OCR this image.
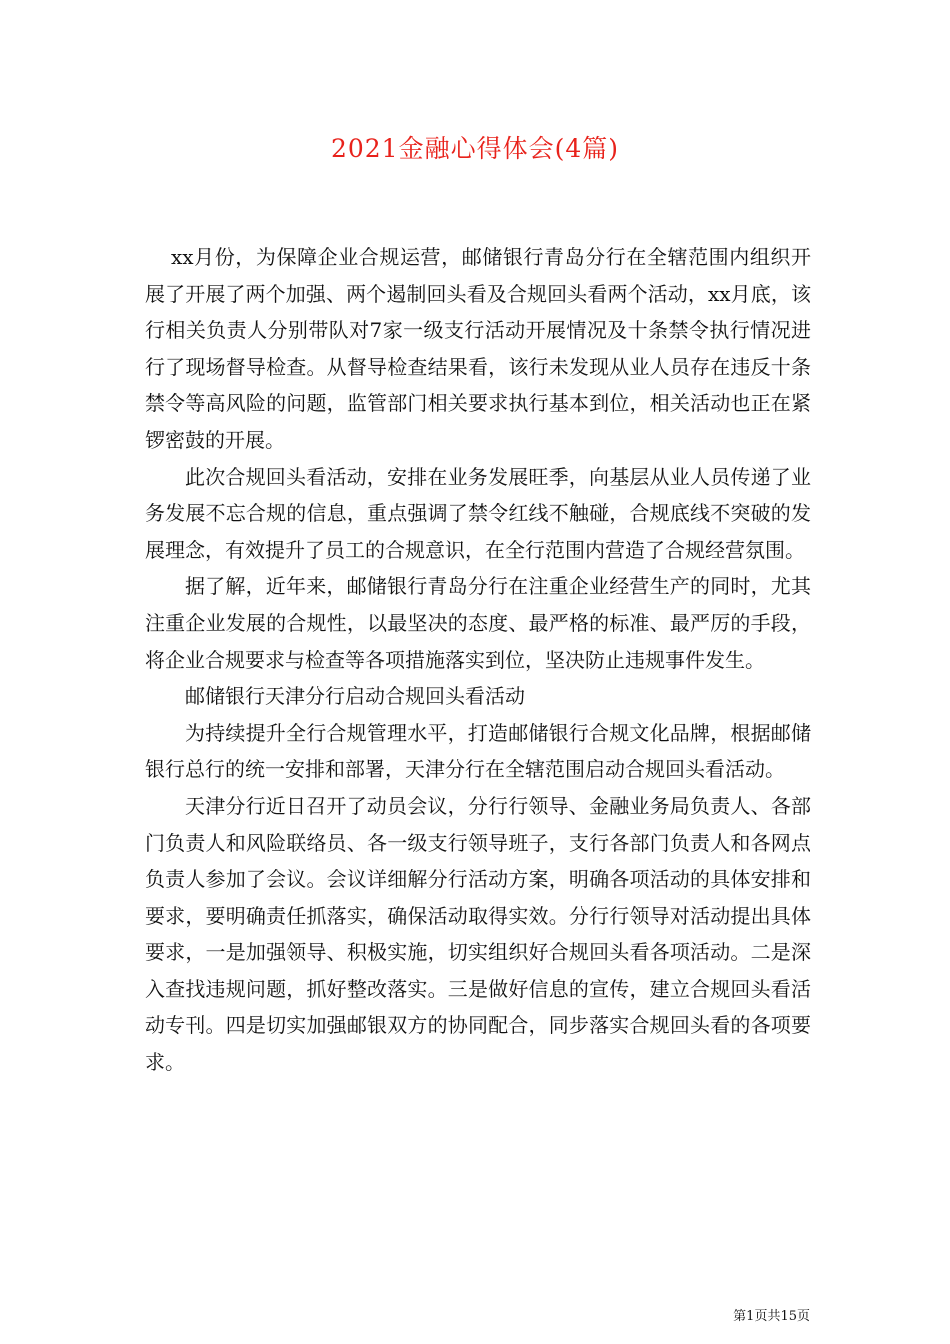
2021金融心得体会(4篇)

xx月份，为保障企业合规运营，邮储银行青岛分行在全辖范围内组织开展了开展了两个加强、两个遏制回头看及合规回头看两个活动，xx月底，该行相关负责人分别带队对7家一级支行活动开展情况及十条禁令执行情况进行了现场督导检查。从督导检查结果看，该行未发现从业人员存在违反十条禁令等高风险的问题，监管部门相关要求执行基本到位，相关活动也正在紧锣密鼓的开展。

此次合规回头看活动，安排在业务发展旺季，向基层从业人员传递了业务发展不忘合规的信息，重点强调了禁令红线不触碰，合规底线不突破的发展理念，有效提升了员工的合规意识，在全行范围内营造了合规经营氛围。

据了解，近年来，邮储银行青岛分行在注重企业经营生产的同时，尤其注重企业发展的合规性，以最坚决的态度、最严格的标准、最严厉的手段，将企业合规要求与检查等各项措施落实到位，坚决防止违规事件发生。

邮储银行天津分行启动合规回头看活动

为持续提升全行合规管理水平，打造邮储银行合规文化品牌，根据邮储银行总行的统一安排和部署，天津分行在全辖范围启动合规回头看活动。

天津分行近日召开了动员会议，分行行领导、金融业务局负责人、各部门负责人和风险联络员、各一级支行领导班子，支行各部门负责人和各网点负责人参加了会议。会议详细解分行活动方案，明确各项活动的具体安排和要求，要明确责任抓落实，确保活动取得实效。分行行领导对活动提出具体要求，一是加强领导、积极实施，切实组织好合规回头看各项活动。二是深入查找违规问题，抓好整改落实。三是做好信息的宣传，建立合规回头看活动专刊。四是切实加强邮银双方的协同配合，同步落实合规回头看的各项要求。

第1页共15页
